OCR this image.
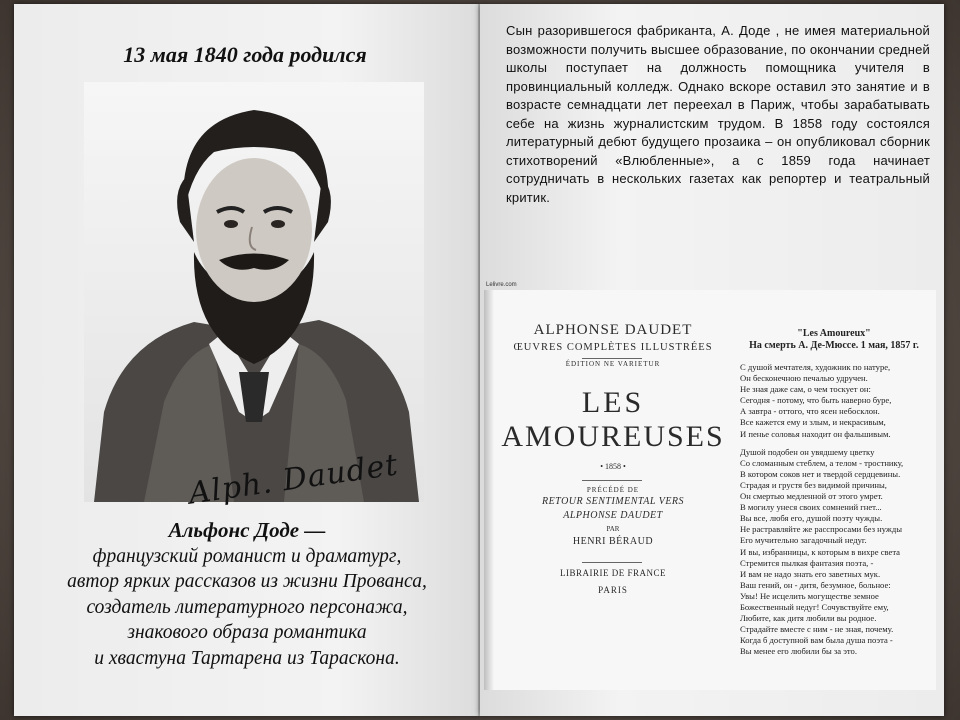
13 мая 1840 года родился
Alph. Daudet
Альфонс Доде —
французский романист и драматург,
автор ярких рассказов из жизни Прованса,
создатель литературного персонажа,
знакового образа романтика
и хвастуна Тартарена из Тараскона.
Сын разорившегося фабриканта, А. Доде , не имея материальной возможности получить высшее образование, по окончании средней школы поступает на должность помощника учителя в провинциальный колледж. Однако вскоре оставил это занятие и в возрасте семнадцати лет переехал в Париж, чтобы зарабатывать себе на жизнь журналистским трудом. В 1858 году состоялся литературный дебют будущего прозаика – он опубликовал сборник стихотворений «Влюбленные», а с 1859 года начинает сотрудничать в нескольких газетах как репортер и театральный критик.
Lelivre.com
ALPHONSE DAUDET
ŒUVRES COMPLÈTES ILLUSTRÉES
ÉDITION NE VARIETUR
LES
AMOUREUSES
• 1858 •
PRÉCÉDÉ DE
RETOUR SENTIMENTAL VERS
ALPHONSE DAUDET
PAR
HENRI BÉRAUD
LIBRAIRIE DE FRANCE
PARIS
"Les Amoureux"
На смерть А. Де-Мюссе. 1 мая, 1857 г.
С душой мечтателя, художник по натуре,
Он бесконечною печалью удручен.
Не зная даже сам, о чем тоскует он:
Сегодня - потому, что быть наверно буре,
А завтра - оттого, что ясен небосклон.
Все кажется ему и злым, и некрасивым,
И пенье соловья находит он фальшивым.
Душой подобен он увядшему цветку
Со сломанным стеблем, а телом - тростнику,
В котором соков нет и твердой сердцевины.
Страдая и грустя без видимой причины,
Он смертью медленной от этого умрет.
В могилу унеся своих сомнений гнет...
Вы все, любя его, душой поэту чужды.
Не растравляйте же расспросами без нужды
Его мучительно загадочный недуг.
И вы, избранницы, к которым в вихре света
Стремится пылкая фантазия поэта, -
И вам не надо знать его заветных мук.
Ваш гений, он - дитя, безумное, больное:
Увы! Не исцелить могуществе земное
Божественный недуг! Сочувствуйте ему,
Любите, как дитя любили вы родное.
Страдайте вместе с ним - не зная, почему.
Когда б доступной вам была душа поэта -
Вы менее его любили бы за это.
